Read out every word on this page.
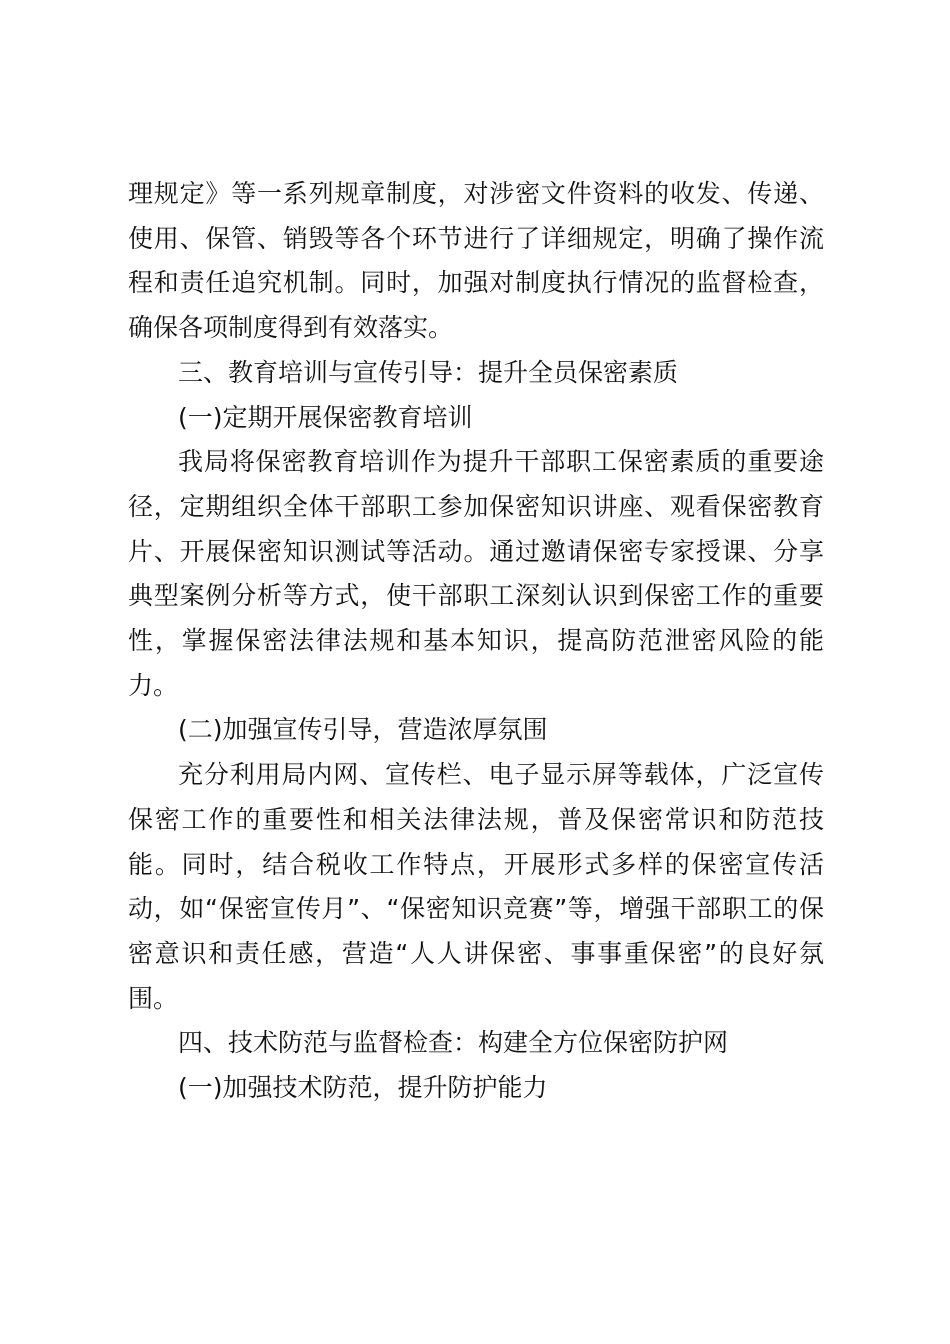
理规定》等一系列规章制度，对涉密文件资料的收发、传递、
使用、保管、销毁等各个环节进行了详细规定，明确了操作流
程和责任追究机制。同时，加强对制度执行情况的监督检查，
确保各项制度得到有效落实。
三、教育培训与宣传引导：提升全员保密素质
(一)定期开展保密教育培训
我局将保密教育培训作为提升干部职工保密素质的重要途
径，定期组织全体干部职工参加保密知识讲座、观看保密教育
片、开展保密知识测试等活动。通过邀请保密专家授课、分享
典型案例分析等方式，使干部职工深刻认识到保密工作的重要
性，掌握保密法律法规和基本知识，提高防范泄密风险的能
力。
(二)加强宣传引导，营造浓厚氛围
充分利用局内网、宣传栏、电子显示屏等载体，广泛宣传
保密工作的重要性和相关法律法规，普及保密常识和防范技
能。同时，结合税收工作特点，开展形式多样的保密宣传活
动，如“保密宣传月”、“保密知识竞赛”等，增强干部职工的保
密意识和责任感，营造“人人讲保密、事事重保密”的良好氛
围。
四、技术防范与监督检查：构建全方位保密防护网
(一)加强技术防范，提升防护能力
